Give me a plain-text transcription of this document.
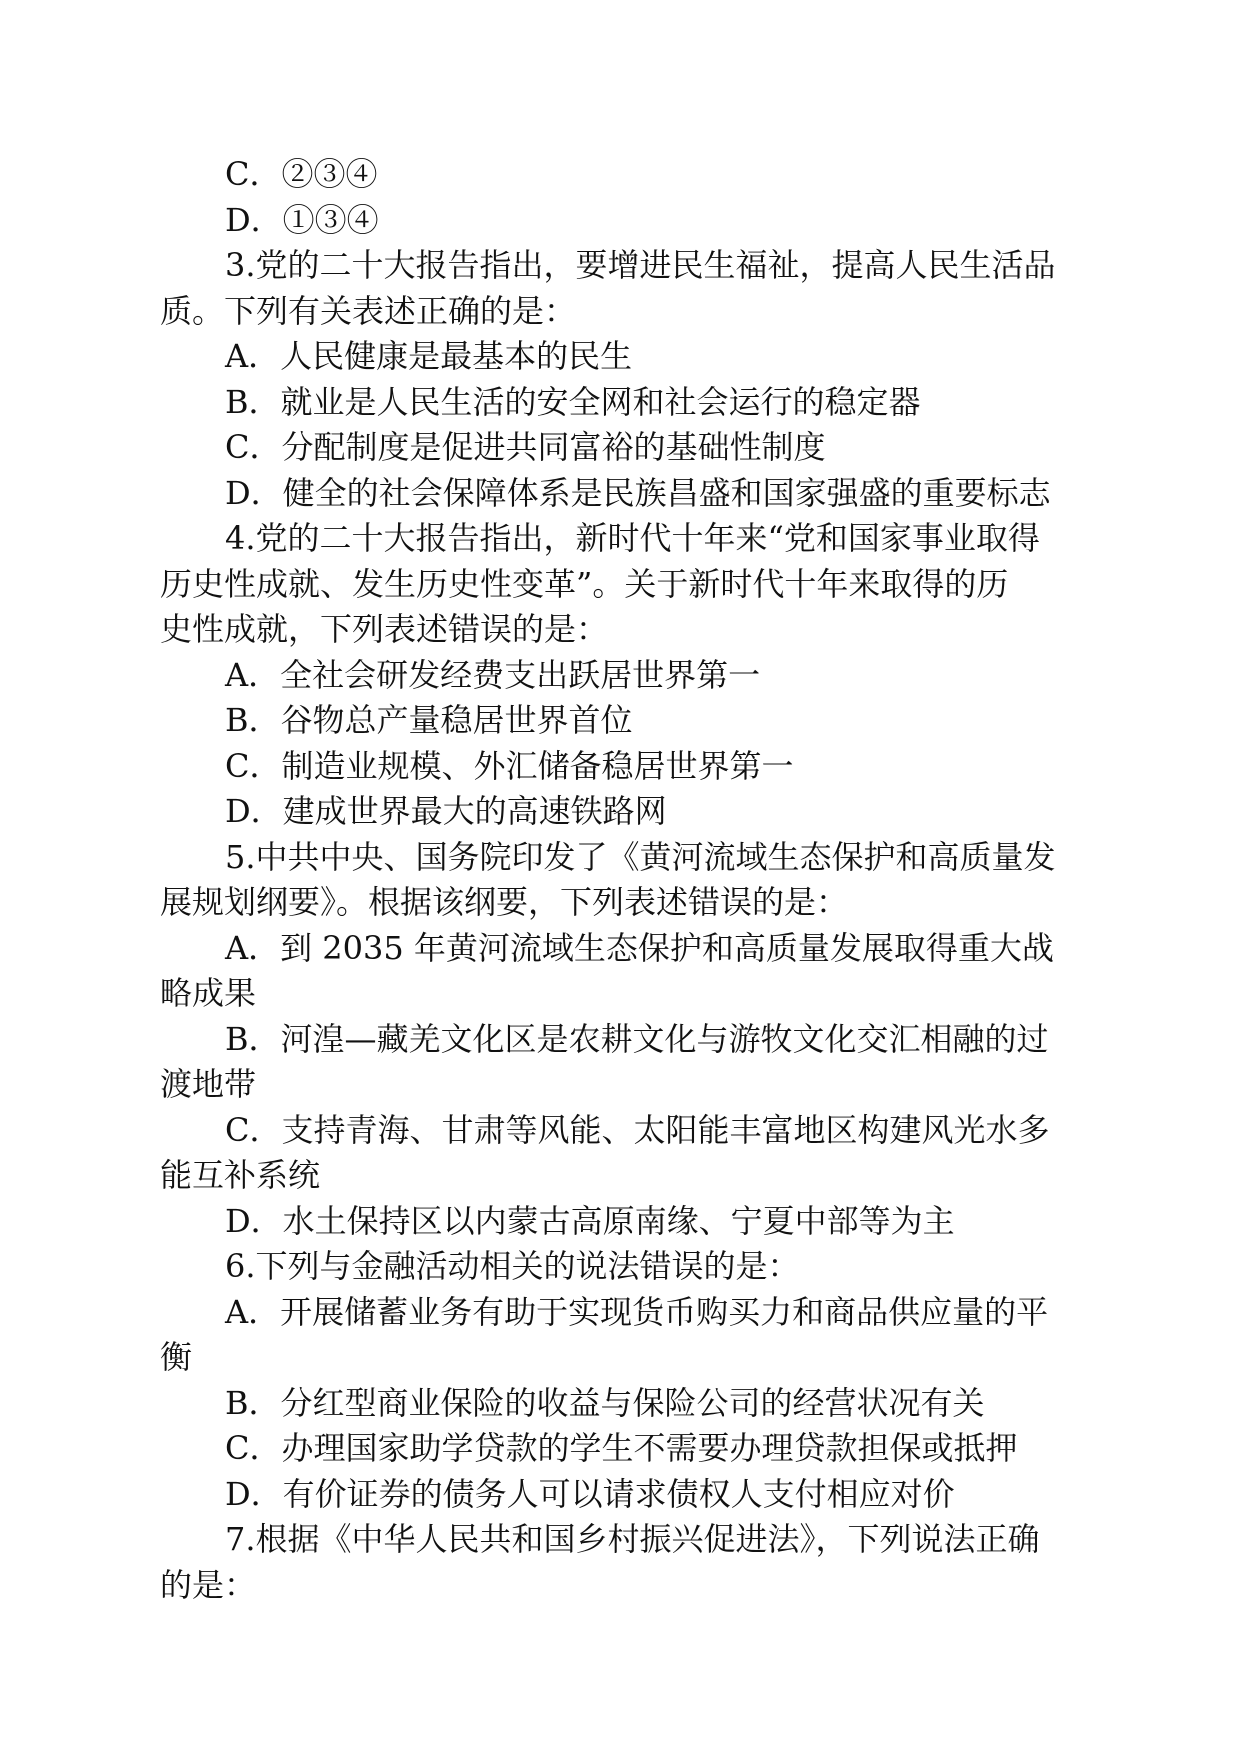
C．②③④
D．①③④
3.党的二十大报告指出，要增进民生福祉，提高人民生活品
质。下列有关表述正确的是：
A．人民健康是最基本的民生
B．就业是人民生活的安全网和社会运行的稳定器
C．分配制度是促进共同富裕的基础性制度
D．健全的社会保障体系是民族昌盛和国家强盛的重要标志
4.党的二十大报告指出，新时代十年来“党和国家事业取得
历史性成就、发生历史性变革”。关于新时代十年来取得的历
史性成就，下列表述错误的是：
A．全社会研发经费支出跃居世界第一
B．谷物总产量稳居世界首位
C．制造业规模、外汇储备稳居世界第一
D．建成世界最大的高速铁路网
5.中共中央、国务院印发了《黄河流域生态保护和高质量发
展规划纲要》。根据该纲要，下列表述错误的是：
A．到 2035 年黄河流域生态保护和高质量发展取得重大战
略成果
B．河湟—藏羌文化区是农耕文化与游牧文化交汇相融的过
渡地带
C．支持青海、甘肃等风能、太阳能丰富地区构建风光水多
能互补系统
D．水土保持区以内蒙古高原南缘、宁夏中部等为主
6.下列与金融活动相关的说法错误的是：
A．开展储蓄业务有助于实现货币购买力和商品供应量的平
衡
B．分红型商业保险的收益与保险公司的经营状况有关
C．办理国家助学贷款的学生不需要办理贷款担保或抵押
D．有价证券的债务人可以请求债权人支付相应对价
7.根据《中华人民共和国乡村振兴促进法》，下列说法正确
的是：
